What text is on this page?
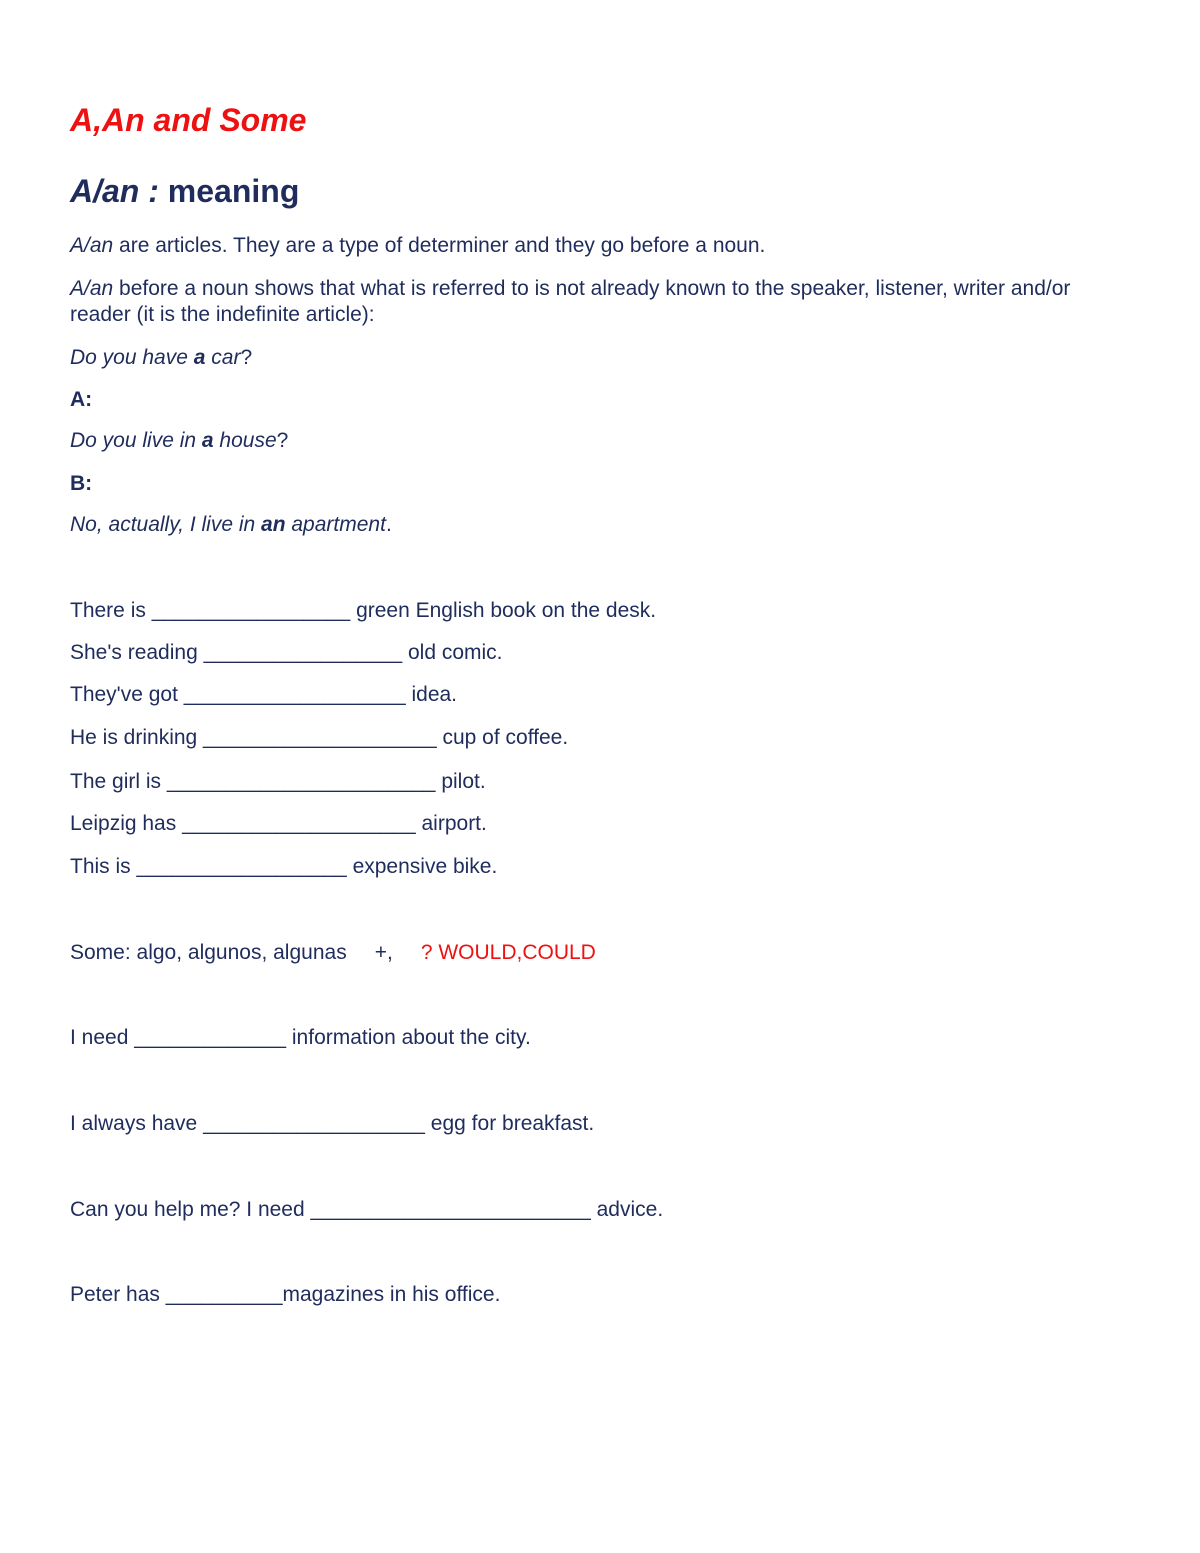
A,An and Some
A/an : meaning
A/an are articles. They are a type of determiner and they go before a noun.
A/an before a noun shows that what is referred to is not already known to the speaker, listener, writer and/or reader (it is the indefinite article):
Do you have a car?
A:
Do you live in a house?
B:
No, actually, I live in an apartment.
There is _________________ green English book on the desk.
She's reading _________________ old comic.
They've got ___________________ idea.
He is drinking ____________________ cup of coffee.
The girl is _______________________ pilot.
Leipzig has ____________________ airport.
This is __________________ expensive bike.
Some: algo, algunos, algunas +, ? WOULD,COULD
I need _____________ information about the city.
I always have ___________________ egg for breakfast.
Can you help me? I need ________________________ advice.
Peter has __________magazines in his office.
